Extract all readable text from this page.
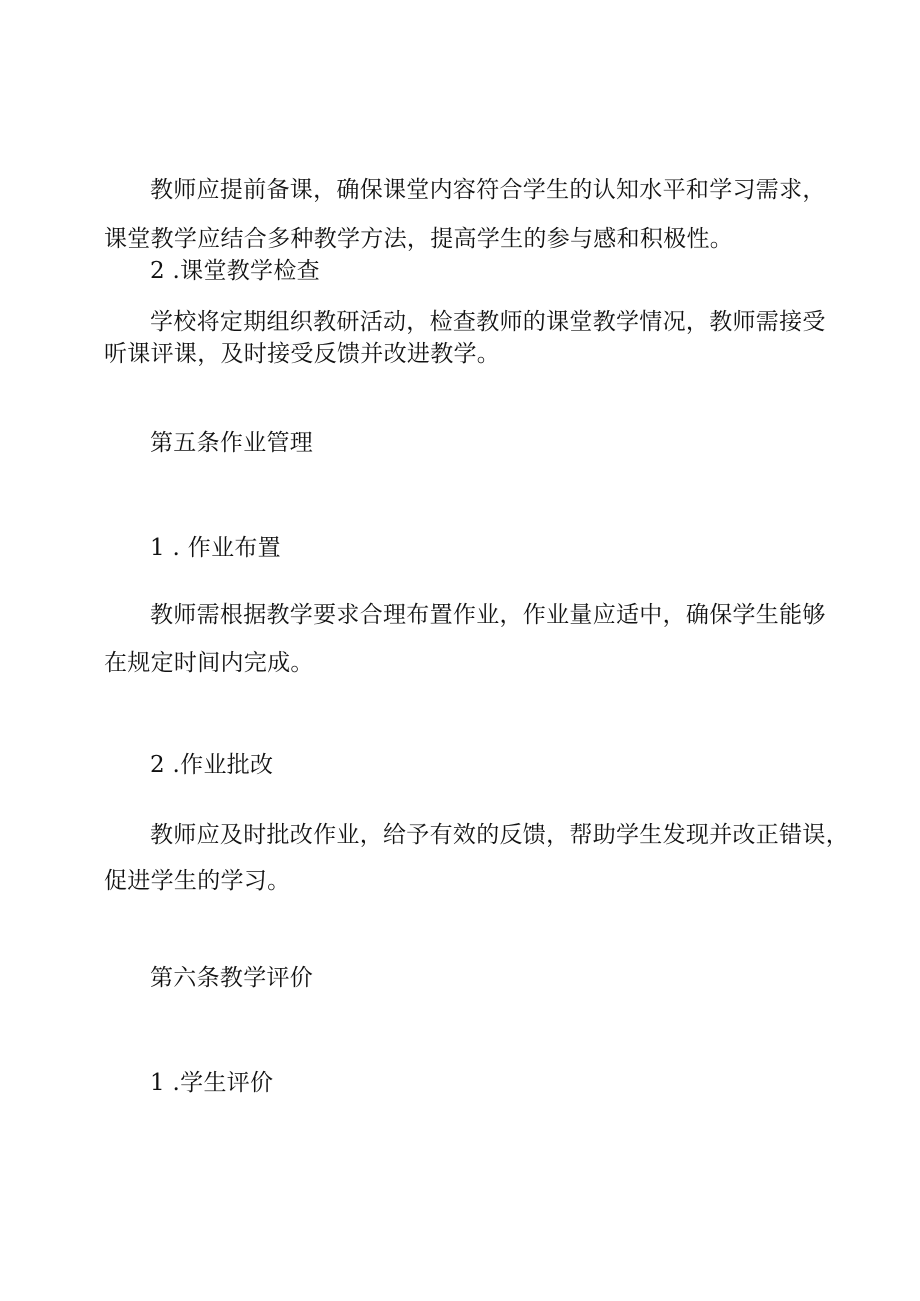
教师应提前备课，确保课堂内容符合学生的认知水平和学习需求，
课堂教学应结合多种教学方法，提高学生的参与感和积极性。
2 .课堂教学检查
学校将定期组织教研活动，检查教师的课堂教学情况，教师需接受
听课评课，及时接受反馈并改进教学。
第五条作业管理
1 . 作业布置
教师需根据教学要求合理布置作业，作业量应适中，确保学生能够
在规定时间内完成。
2 .作业批改
教师应及时批改作业，给予有效的反馈，帮助学生发现并改正错误，
促进学生的学习。
第六条教学评价
1 .学生评价
